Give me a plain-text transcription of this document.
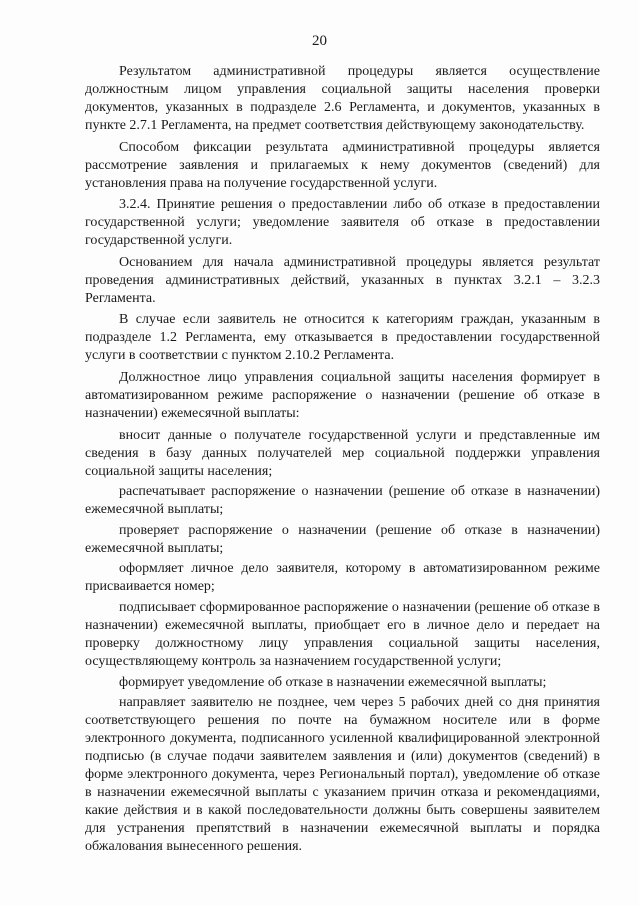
20

Результатом административной процедуры является осуществление должностным лицом управления социальной защиты населения проверки документов, указанных в подразделе 2.6 Регламента, и документов, указанных в пункте 2.7.1 Регламента, на предмет соответствия действующему законодательству.

Способом фиксации результата административной процедуры является рассмотрение заявления и прилагаемых к нему документов (сведений) для установления права на получение государственной услуги.

3.2.4. Принятие решения о предоставлении либо об отказе в предоставлении государственной услуги; уведомление заявителя об отказе в предоставлении государственной услуги.

Основанием для начала административной процедуры является результат проведения административных действий, указанных в пунктах 3.2.1 – 3.2.3 Регламента.

В случае если заявитель не относится к категориям граждан, указанным в подразделе 1.2 Регламента, ему отказывается в предоставлении государственной услуги в соответствии с пунктом 2.10.2 Регламента.

Должностное лицо управления социальной защиты населения формирует в автоматизированном режиме распоряжение о назначении (решение об отказе в назначении) ежемесячной выплаты:

вносит данные о получателе государственной услуги и представленные им сведения в базу данных получателей мер социальной поддержки управления социальной защиты населения;

распечатывает распоряжение о назначении (решение об отказе в назначении) ежемесячной выплаты;

проверяет распоряжение о назначении (решение об отказе в назначении) ежемесячной выплаты;

оформляет личное дело заявителя, которому в автоматизированном режиме присваивается номер;

подписывает сформированное распоряжение о назначении (решение об отказе в назначении) ежемесячной выплаты, приобщает его в личное дело и передает на проверку должностному лицу управления социальной защиты населения, осуществляющему контроль за назначением государственной услуги;

формирует уведомление об отказе в назначении ежемесячной выплаты;

направляет заявителю не позднее, чем через 5 рабочих дней со дня принятия соответствующего решения по почте на бумажном носителе или в форме электронного документа, подписанного усиленной квалифицированной электронной подписью (в случае подачи заявителем заявления и (или) документов (сведений) в форме электронного документа, через Региональный портал), уведомление об отказе в назначении ежемесячной выплаты с указанием причин отказа и рекомендациями, какие действия и в какой последовательности должны быть совершены заявителем для устранения препятствий в назначении ежемесячной выплаты и порядка обжалования вынесенного решения.
